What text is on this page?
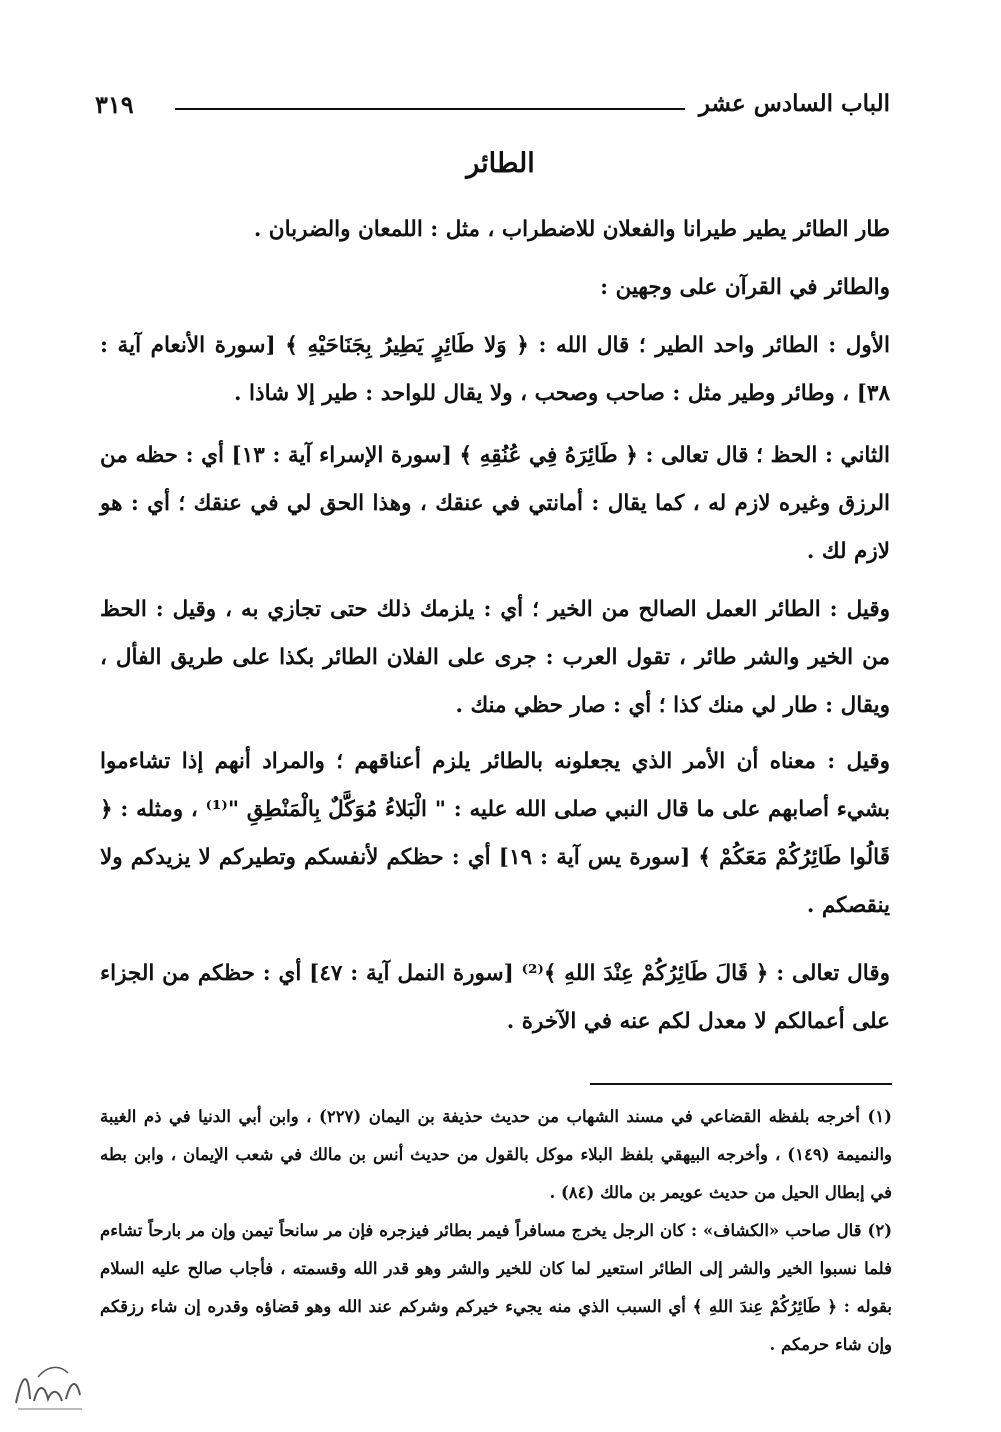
٣١٩	الباب السادس عشر
الطائر

طار الطائر يطير طيرانا والفعلان للاضطراب ، مثل : اللمعان والضربان .

والطائر في القرآن على وجهين :

الأول : الطائر واحد الطير ؛ قال الله : ﴿ وَلا طَائِرٍ يَطِيرُ بِجَنَاحَيْهِ ﴾ [سورة الأنعام آية : ٣٨] ، وطائر وطير مثل : صاحب وصحب ، ولا يقال للواحد : طير إلا شاذا .

الثاني : الحظ ؛ قال تعالى : ﴿ طَائِرَهُ فِي عُنُقِهِ ﴾ [سورة الإسراء آية : ١٣] أي : حظه من الرزق وغيره لازم له ، كما يقال : أمانتي في عنقك ، وهذا الحق لي في عنقك ؛ أي : هو لازم لك .

وقيل : الطائر العمل الصالح من الخير ؛ أي : يلزمك ذلك حتى تجازي به ، وقيل : الحظ من الخير والشر طائر ، تقول العرب : جرى على الفلان الطائر بكذا على طريق الفأل ، ويقال : طار لي منك كذا ؛ أي : صار حظي منك .

وقيل : معناه أن الأمر الذي يجعلونه بالطائر يلزم أعناقهم ؛ والمراد أنهم إذا تشاءموا بشيء أصابهم على ما قال النبي صلى الله عليه : " الْبَلاءُ مُوَكَّلٌ بِالْمَنْطِقِ "⁽¹⁾ ، ومثله : ﴿ قَالُوا طَائِرُكُمْ مَعَكُمْ ﴾ [سورة يس آية : ١٩] أي : حظكم لأنفسكم وتطيركم لا يزيدكم ولا ينقصكم .

وقال تعالى : ﴿ قَالَ طَائِرُكُمْ عِنْدَ اللهِ ﴾⁽²⁾ [سورة النمل آية : ٤٧] أي : حظكم من الجزاء على أعمالكم لا معدل لكم عنه في الآخرة .

(١) أخرجه بلفظه القضاعي في مسند الشهاب من حديث حذيفة بن اليمان (٢٢٧) ، وابن أبي الدنيا في ذم الغيبة والنميمة (١٤٩) ، وأخرجه البيهقي بلفظ البلاء موكل بالقول من حديث أنس بن مالك في شعب الإيمان ، وابن بطه في إبطال الحيل من حديث عويمر بن مالك (٨٤) .

(٢) قال صاحب «الكشاف» : كان الرجل يخرج مسافراً فيمر بطائر فيزجره فإن مر سانحاً تيمن وإن مر بارحاً تشاءم فلما نسبوا الخير والشر إلى الطائر استعير لما كان للخير والشر وهو قدر الله وقسمته ، فأجاب صالح عليه السلام بقوله : ﴿ طَائِرُكُمْ عِندَ اللهِ ﴾ أي السبب الذي منه يجيء خيركم وشركم عند الله وهو قضاؤه وقدره إن شاء رزقكم وإن شاء حرمكم .
